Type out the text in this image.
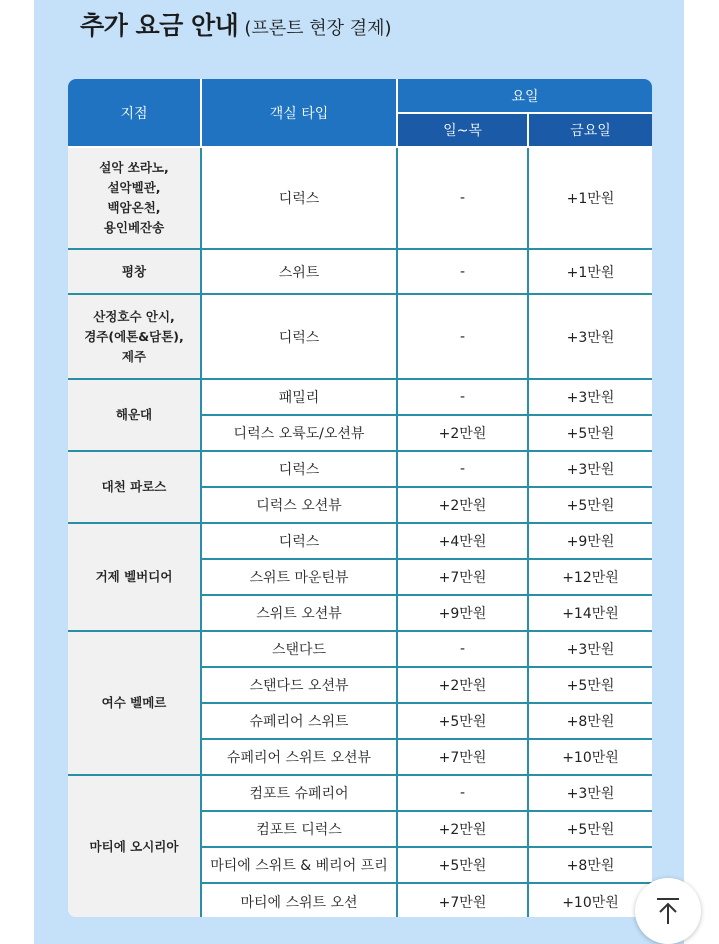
추가 요금 안내 (프론트 현장 결제)
지점	객실 타입	요일	
		일~목	금요일
설악 쏘라노,
설악벨관,
백암온천,
용인베잔송	디럭스	-	+1만원
평창	스위트	-	+1만원
산정호수 안시,
경주(에톤&담톤),
제주	디럭스	-	+3만원
해운대	패밀리	-	+3만원
	디럭스 오륙도/오션뷰	+2만원	+5만원
대천 파로스	디럭스	-	+3만원
	디럭스 오션뷰	+2만원	+5만원
거제 벨버디어	디럭스	+4만원	+9만원
	스위트 마운틴뷰	+7만원	+12만원
	스위트 오션뷰	+9만원	+14만원
여수 벨메르	스탠다드	-	+3만원
	스탠다드 오션뷰	+2만원	+5만원
	슈페리어 스위트	+5만원	+8만원
	슈페리어 스위트 오션뷰	+7만원	+10만원
마티에 오시리아	컴포트 슈페리어	-	+3만원
	컴포트 디럭스	+2만원	+5만원
	마티에 스위트 & 베리어 프리	+5만원	+8만원
	마티에 스위트 오션	+7만원	+10만원
